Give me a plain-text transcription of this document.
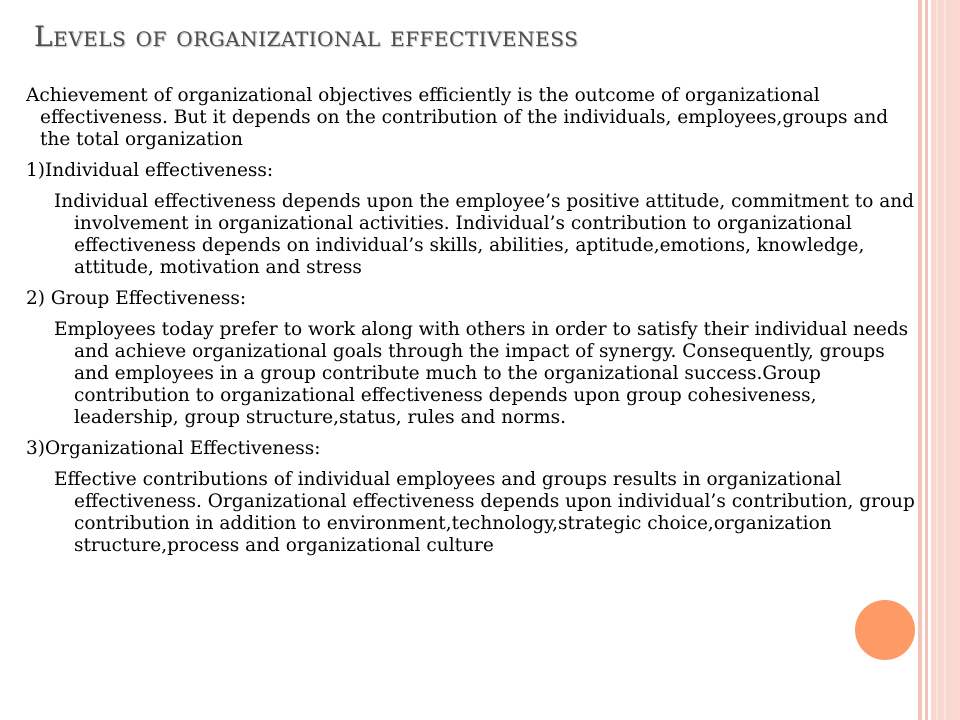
Levels of organizational effectiveness

Achievement of organizational objectives efficiently is the outcome of organizational effectiveness. But it depends on the contribution of the individuals, employees,groups and the total organization

1)Individual effectiveness:

Individual effectiveness depends upon the employee’s positive attitude, commitment to and involvement in organizational activities. Individual’s contribution to organizational effectiveness depends on individual’s skills, abilities, aptitude,emotions, knowledge, attitude, motivation and stress

2) Group Effectiveness:

Employees today prefer to work along with others in order to satisfy their individual needs and achieve organizational goals through the impact of synergy. Consequently, groups and employees in a group contribute much to the organizational success.Group contribution to organizational effectiveness depends upon group cohesiveness, leadership, group structure,status, rules and norms.

3)Organizational Effectiveness:

Effective contributions of individual employees and groups results in organizational effectiveness. Organizational effectiveness depends upon individual’s contribution, group contribution in addition to environment,technology,strategic choice,organization structure,process and organizational culture
